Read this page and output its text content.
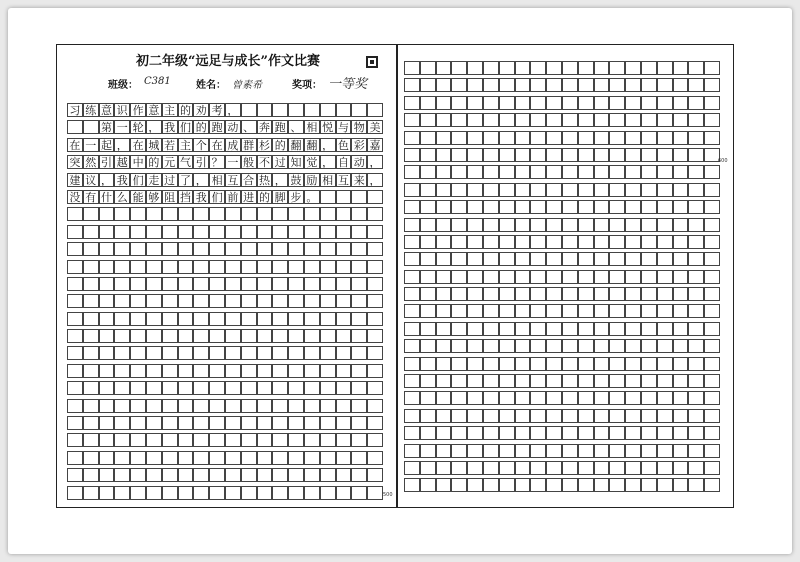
初二年级“远足与成长”作文比赛
班级： C381	姓名： 曾素希	奖项： 一等奖
习 练 意 识 作 意 主 的 劝 考 ，

第 一 轮 ， 我 们 的 跑 动 、 奔 跑 、 相 悦 与 物 美
在 一 起 ， 在 城 若 主 个 在 成 群 杉 的 翻 翻 ， 色 彩 嘉
突 然 引 越 中 的 元 气 引 ？ 一 般 不 过 知 觉 ， 自 动 ，
建 议 ， 我 们 走 过 了 ， 相 互 合 热 ， 鼓 励 相 互 来 ，
没 有 什 么 能 够 阻 挡 我 们 前 进 的 脚 步 。
500
600
